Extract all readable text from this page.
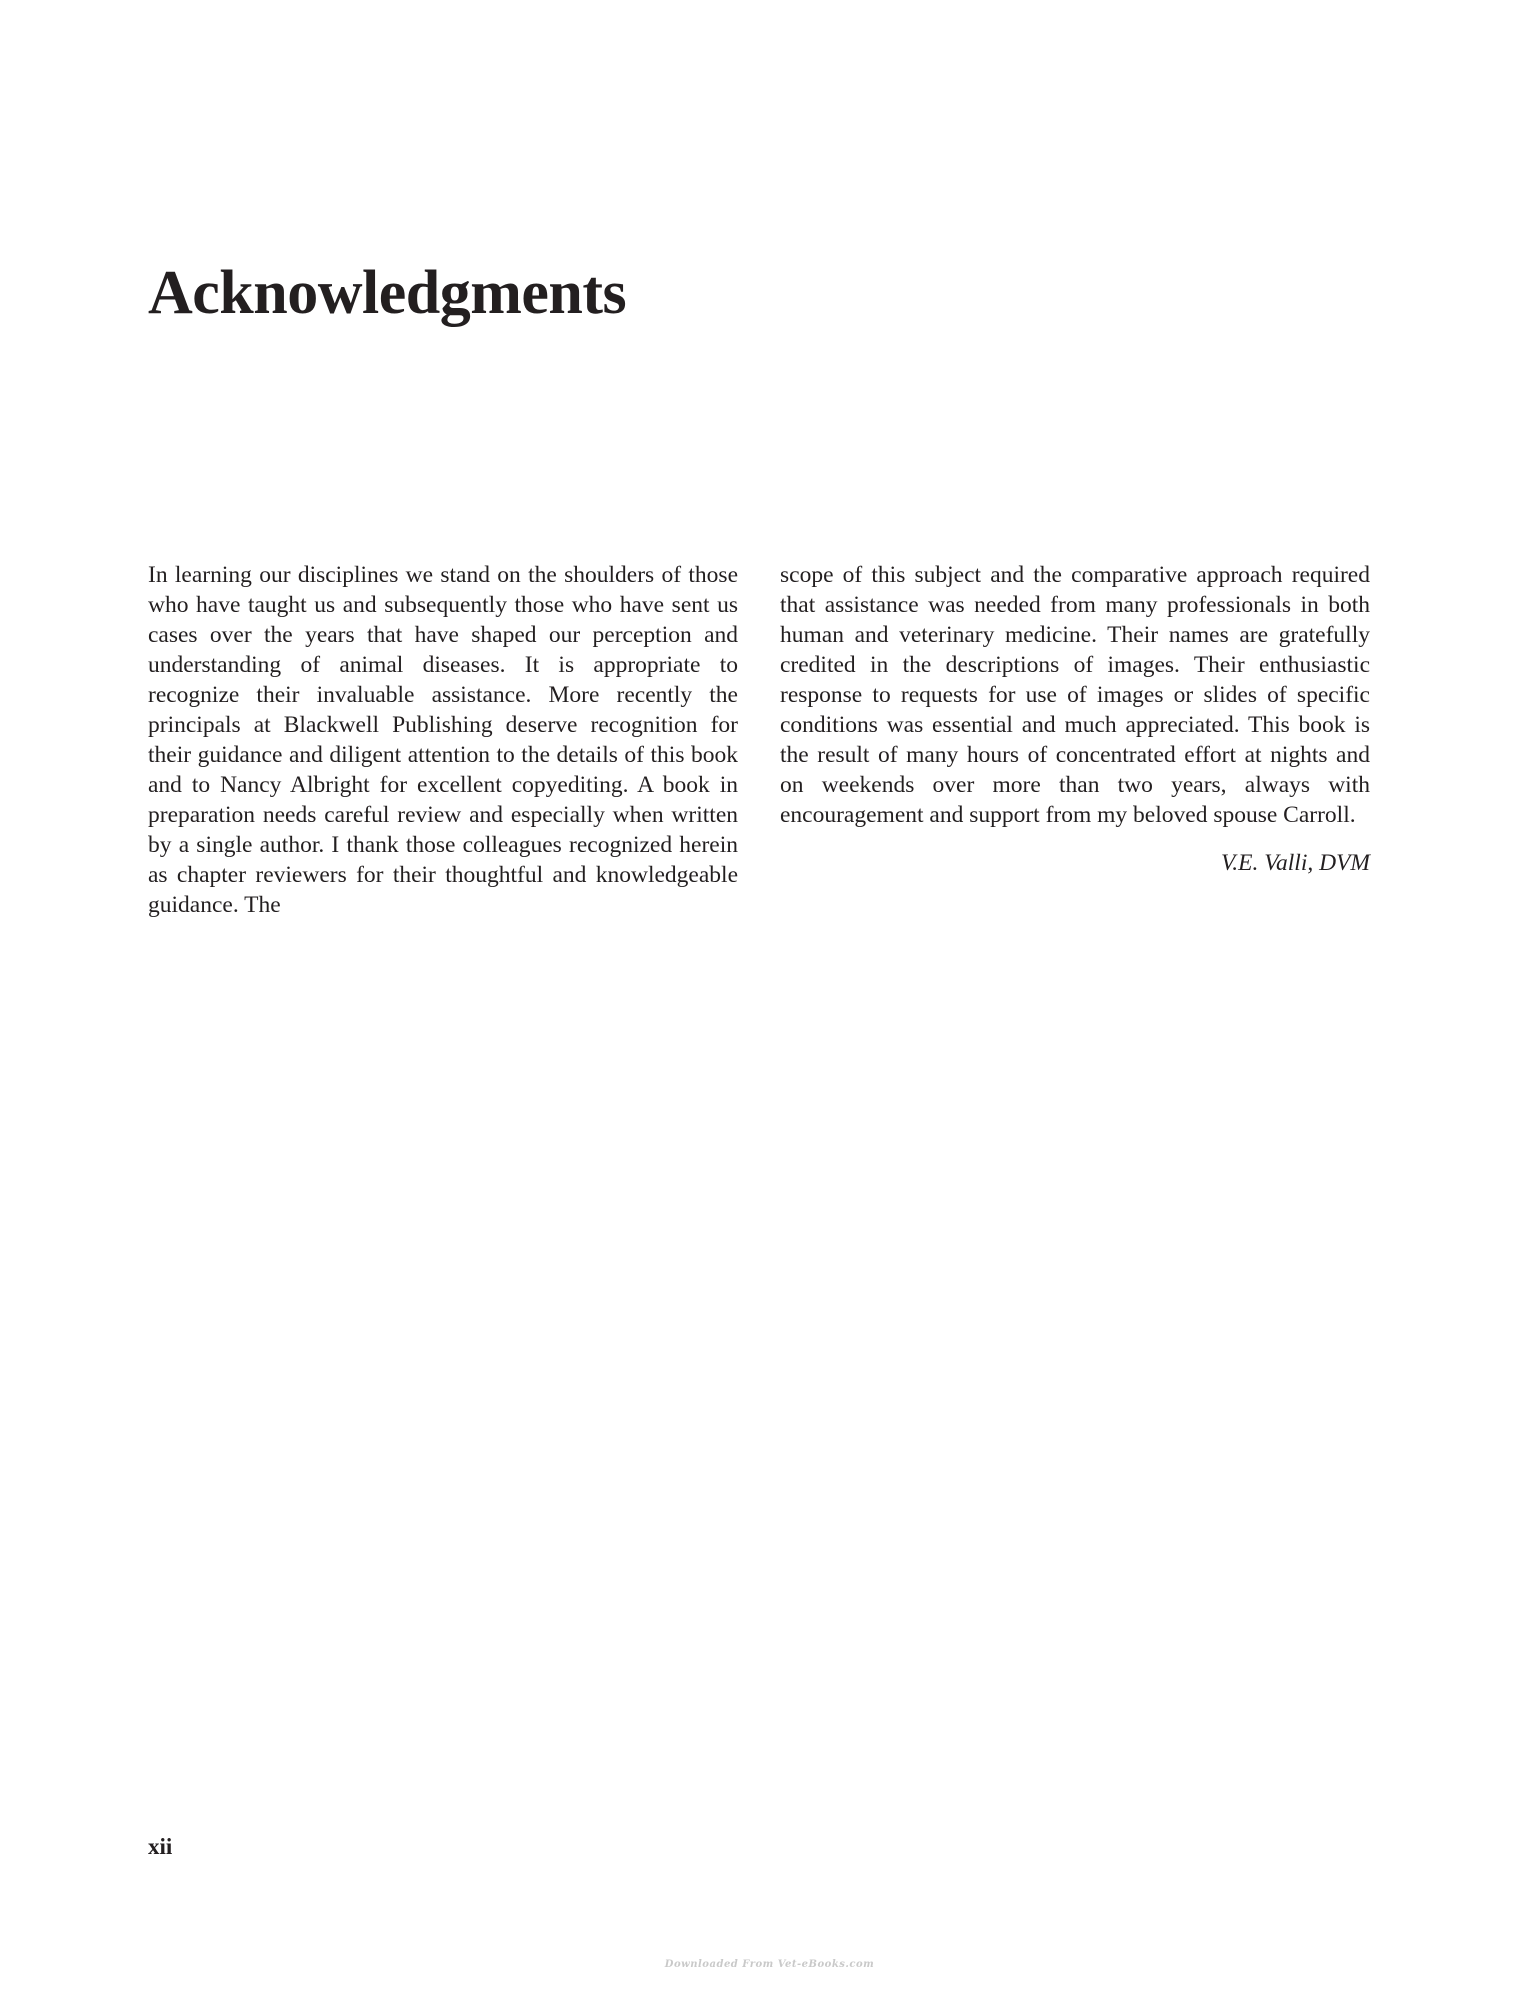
Acknowledgments

In learning our disciplines we stand on the shoulders of those who have taught us and subsequently those who have sent us cases over the years that have shaped our perception and understanding of animal diseases. It is appropriate to recognize their invaluable assistance. More recently the principals at Blackwell Publishing deserve recognition for their guidance and diligent attention to the details of this book and to Nancy Albright for excellent copyediting. A book in preparation needs careful review and especially when written by a single author. I thank those colleagues recognized herein as chapter reviewers for their thoughtful and knowledgeable guidance. The

scope of this subject and the comparative approach required that assistance was needed from many professionals in both human and veterinary medicine. Their names are gratefully credited in the descriptions of images. Their enthusiastic response to requests for use of images or slides of specific conditions was essential and much appreciated. This book is the result of many hours of concentrated effort at nights and on weekends over more than two years, always with encouragement and support from my beloved spouse Carroll.

V.E. Valli, DVM
xii
Downloaded From Vet-eBooks.com
